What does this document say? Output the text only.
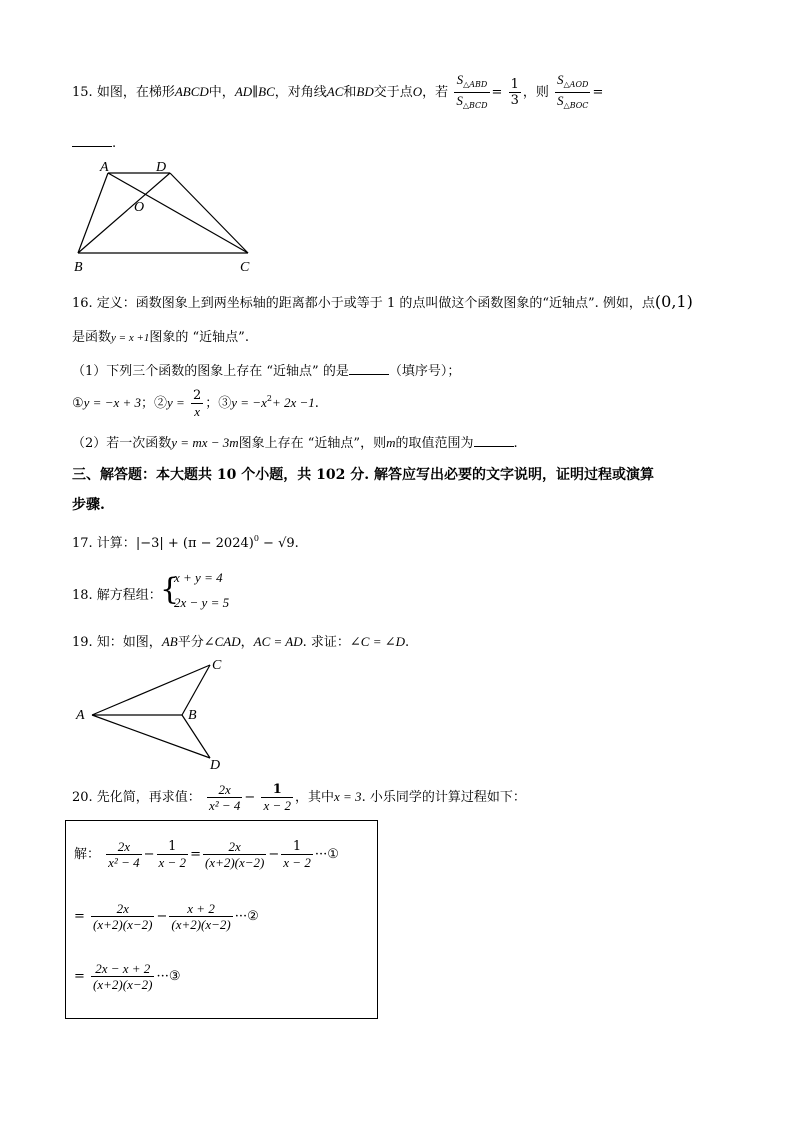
15. 如图，在梯形ABCD中，AD∥BC，对角线AC和BD交于点O，若 $\frac{S_{\triangle ABD}}{S_{\triangle BCD}} = \frac{1}{3}$ ，则 $\frac{S_{\triangle AOD}}{S_{\triangle BOC}}$ =
.
A	D
O
B	C
16. 定义：函数图象上到两坐标轴的距离都小于或等于 1 的点叫做这个函数图象的“近轴点”. 例如，点(0,1)
是函数y = x +1图象的 “近轴点”.
（1）下列三个函数的图象上存在 “近轴点” 的是	（填序号）；
①y = −x + 3；②y = $\frac{2}{x}$ ；③y = $-x^2+ 2x -1$.
（2）若一次函数y = mx − 3m图象上存在 “近轴点”，则m的取值范围为	.
三、解答题：本大题共 10 个小题，共 102 分. 解答应写出必要的文字说明，证明过程或演算
步骤.
17. 计算：$|-3| + (\pi - 2024)^0 - √9$.
18. 解方程组：
{
x + y = 4
2x − y = 5
19. 知：如图，AB平分∠CAD，AC = AD. 求证：∠C = ∠D.
A	B
C
D
20. 先化简，再求值： $\frac{2x}{\text{x² − 4}} - \frac{1}{x - 2}$ ，其中x = 3. 小乐同学的计算过程如下：
解： $\frac{2x}{\text{x² − 4}} - \frac{1}{x - 2} = \frac{2x}{(x+2)(x-2)} - \frac{1}{x - 2}$ ···①
= $\frac{2x}{(x+2)(x-2)} - \frac{x + 2}{(x+2)(x-2)}$ ···②
= $\frac{2x - x + 2}{(x+2)(x-2)}$ ···③
